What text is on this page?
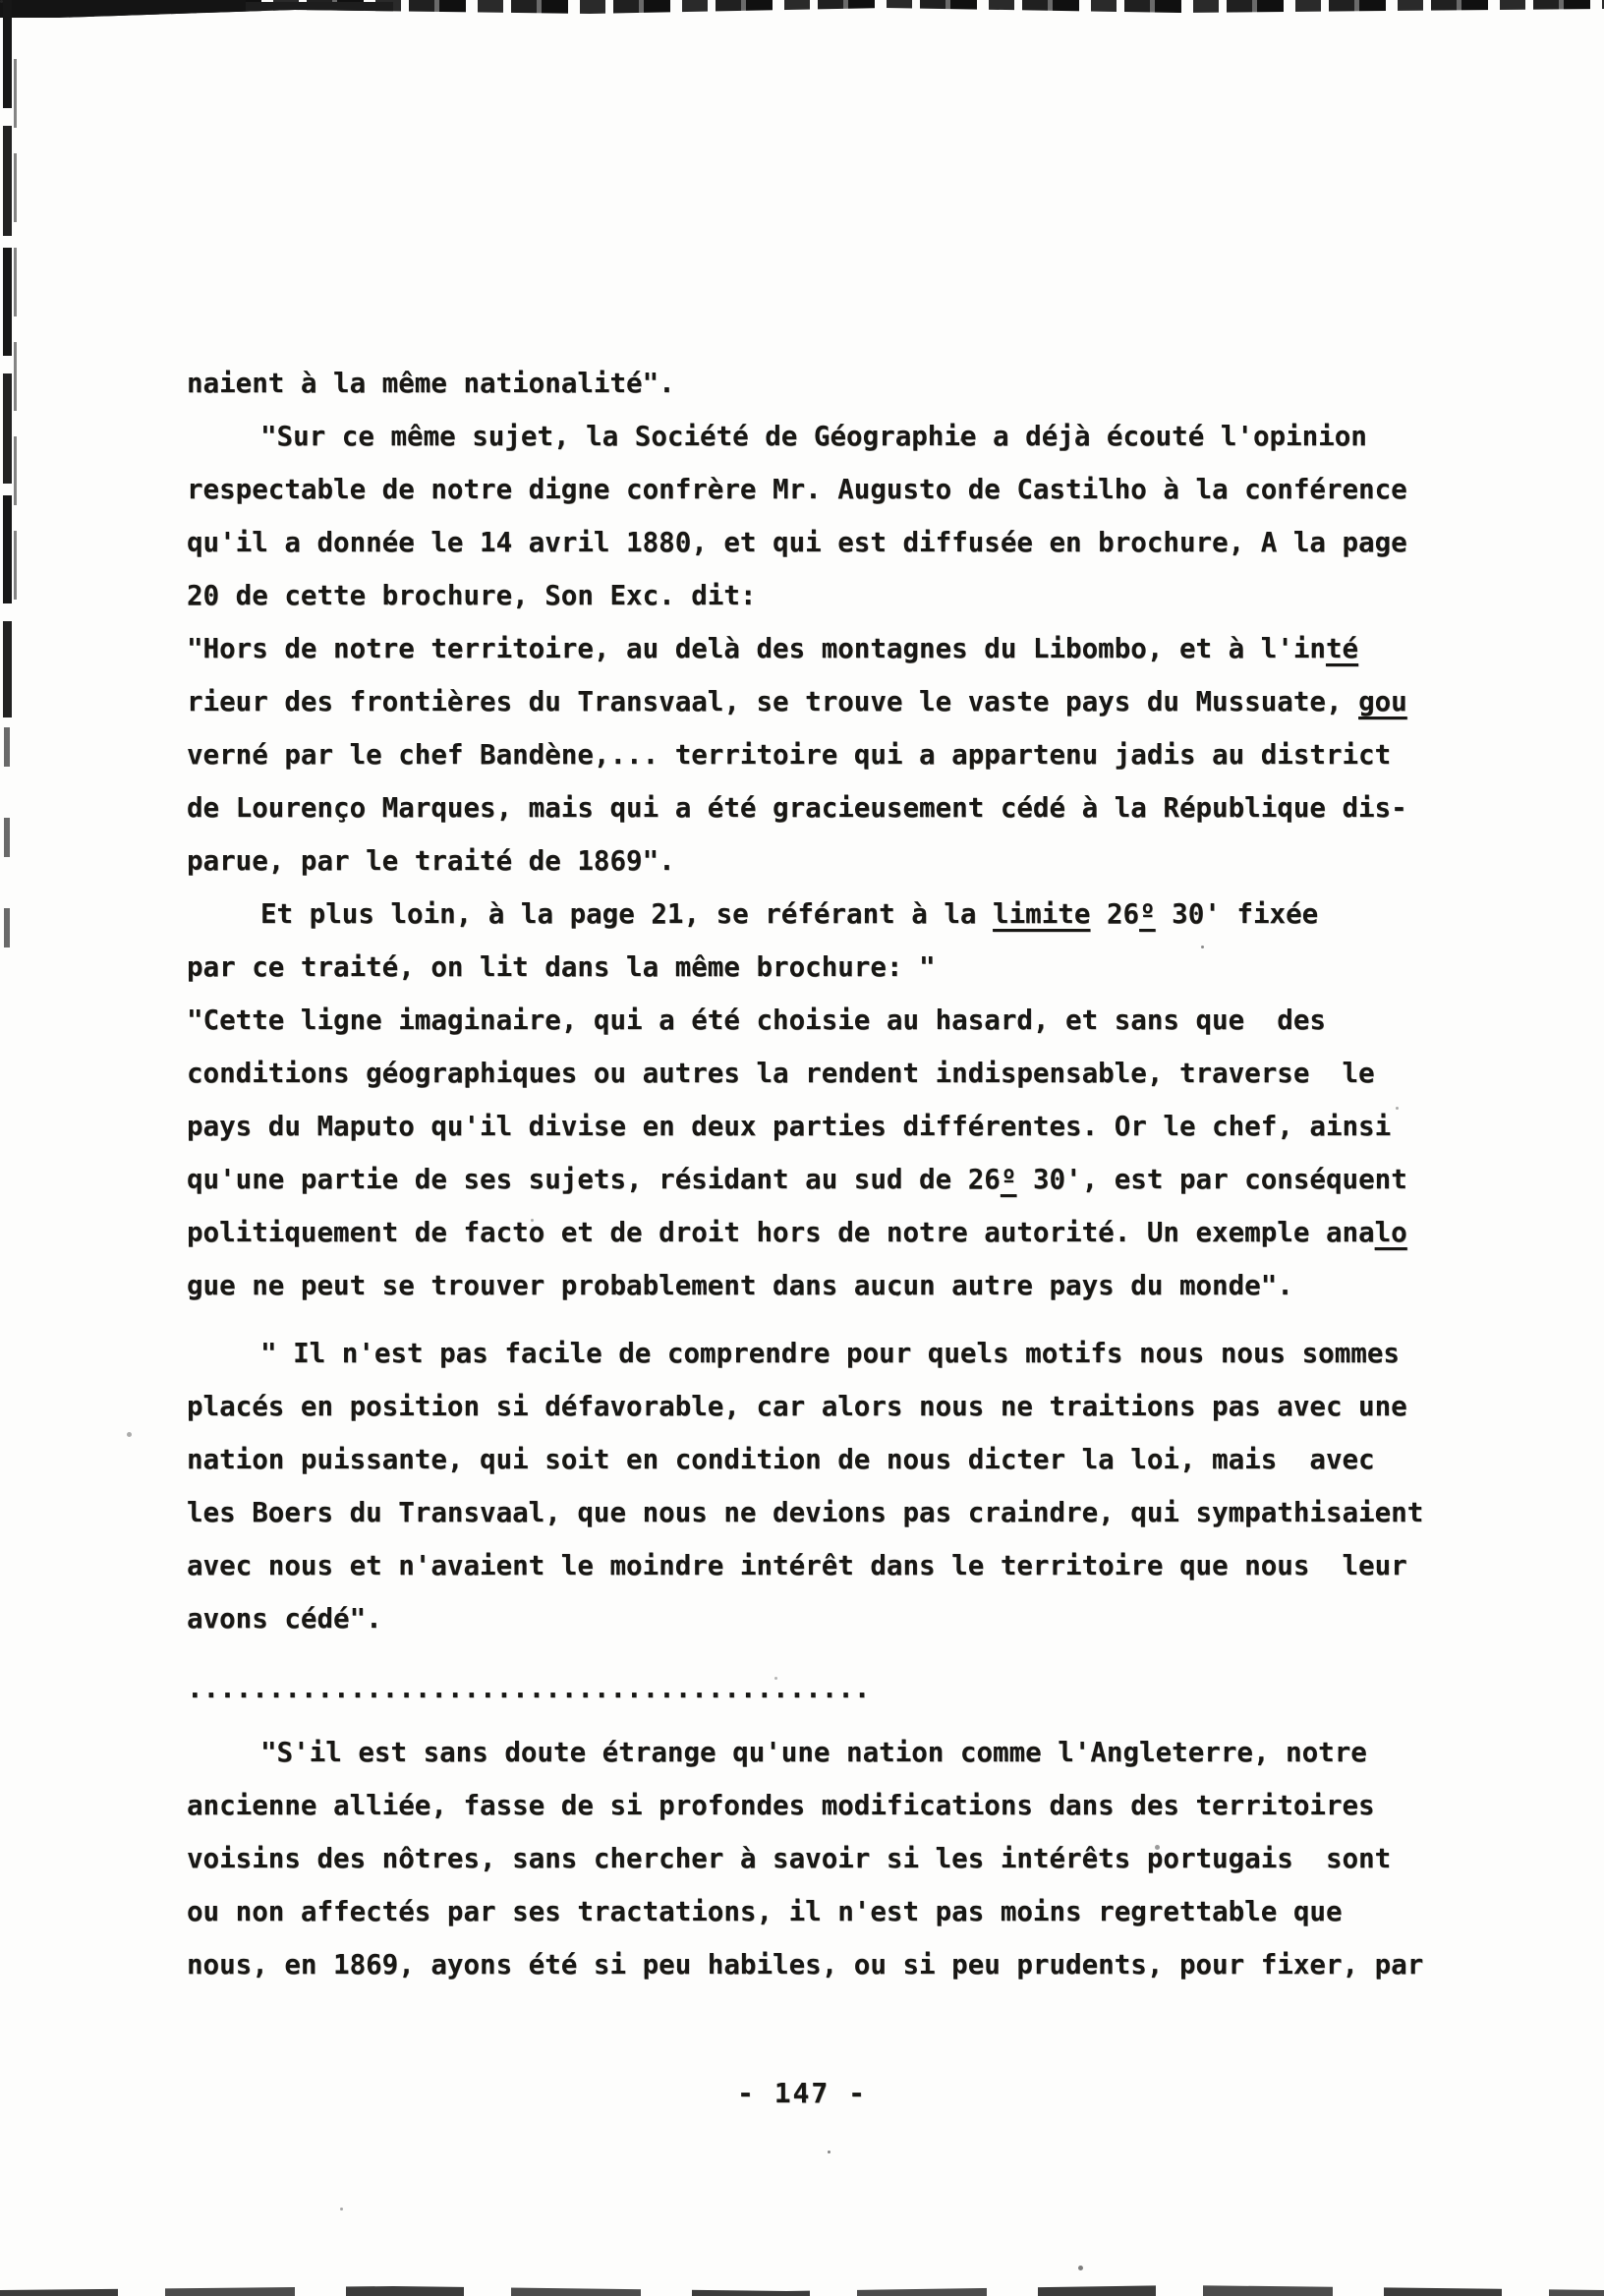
naient à la même nationalité".
"Sur ce même sujet, la Société de Géographie a déjà écouté l'opinion
respectable de notre digne confrère Mr. Augusto de Castilho à la conférence
qu'il a donnée le 14 avril 1880, et qui est diffusée en brochure, A la page
20 de cette brochure, Son Exc. dit:
"Hors de notre territoire, au delà des montagnes du Libombo, et à l'inté
rieur des frontières du Transvaal, se trouve le vaste pays du Mussuate, gou
verné par le chef Bandène,... territoire qui a appartenu jadis au district
de Lourenço Marques, mais qui a été gracieusement cédé à la République dis-
parue, par le traité de 1869".
Et plus loin, à la page 21, se référant à la limite 26º 30' fixée
par ce traité, on lit dans la même brochure: "
"Cette ligne imaginaire, qui a été choisie au hasard, et sans que  des
conditions géographiques ou autres la rendent indispensable, traverse  le
pays du Maputo qu'il divise en deux parties différentes. Or le chef, ainsi
qu'une partie de ses sujets, résidant au sud de 26º 30', est par conséquent
politiquement de facto et de droit hors de notre autorité. Un exemple analo
gue ne peut se trouver probablement dans aucun autre pays du monde".
" Il n'est pas facile de comprendre pour quels motifs nous nous sommes
placés en position si défavorable, car alors nous ne traitions pas avec une
nation puissante, qui soit en condition de nous dicter la loi, mais  avec
les Boers du Transvaal, que nous ne devions pas craindre, qui sympathisaient
avec nous et n'avaient le moindre intérêt dans le territoire que nous  leur
avons cédé".
..........................................
"S'il est sans doute étrange qu'une nation comme l'Angleterre, notre
ancienne alliée, fasse de si profondes modifications dans des territoires
voisins des nôtres, sans chercher à savoir si les intérêts portugais  sont
ou non affectés par ses tractations, il n'est pas moins regrettable que
nous, en 1869, ayons été si peu habiles, ou si peu prudents, pour fixer, par
- 147 -
